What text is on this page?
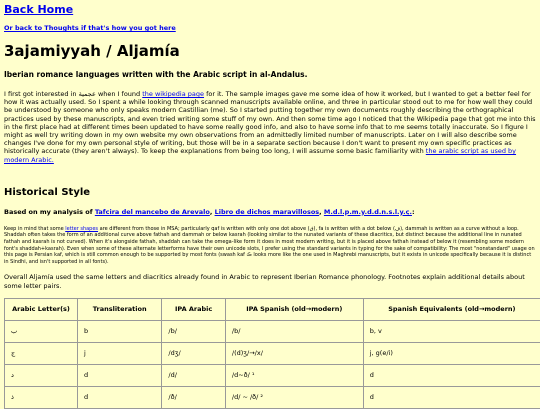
Back Home
Or back to Thoughts if that's how you got here
3ajamiyyah / Aljamía
Iberian romance languages written with the Arabic script in al-Andalus.

I first got interested in عجمية when I found the wikipedia page for it. The sample images gave me some idea of how it worked, but I wanted to get a better feel for how it was actually used. So I spent a while looking through scanned manuscripts available online, and three in particular stood out to me for how well they could be understood by someone who only speaks modern Castillian (me). So I started putting together my own documents roughly describing the orthographical practices used by these manuscripts, and even tried writing some stuff of my own. And then some time ago I noticed that the Wikipedia page that got me into this in the first place had at different times been updated to have some really good info, and also to have some info that to me seems totally inaccurate. So I figure I might as well try writing down in my own website my own observations from an admittedly limited number of manuscripts. Later on I will also describe some changes I've done for my own personal style of writing, but those will be in a separate section because I don't want to present my own specific practices as historically accurate (they aren't always). To keep the explanations from being too long, I will assume some basic familiarity with the arabic script as used by modern Arabic.

Historical Style

Based on my analysis of Tafcira del mancebo de Arevalo, Libro de dichos maravillosos, M.d.l.p.m.y.d.d.n.s.l.y.ç.:

Keep in mind that some letter shapes are different from those in MSA; particularly qaf is written with only one dot above (ڧ), fa is written with a dot below (ڢ), dammah is written as a curve without a loop. Shaddah often takes the form of an additional curve above fathah and dammah or below kasrah (looking similar to the nunated variants of these diacritics, but distinct because the additional line in nunated fathah and kasrah is not curved). When it's alongside fathah, shaddah can take the omega-like form it does in most modern writing, but it is placed above fathah instead of below it (resembling some modern font's shaddah+kasrah). Even when some of these alternate letterforms have their own unicode slots, I prefer using the standard variants in typing for the sake of compatibility: The most "nonstandard" usage on this page is Persian kaf, which is still common enough to be supported by most fonts (swash kaf ڪ looks more like the one used in Maghrebi manuscripts, but it exists in unicode specifically because it is distinct in Sindhi, and isn't supported in all fonts).

Overall Aljamía used the same letters and diacritics already found in Arabic to represent Iberian Romance phonology. Footnotes explain additional details about some letter pairs.

Arabic Letter(s)	Transliteration	IPA Arabic	IPA Spanish (old→modern)	Spanish Equivalents (old→modern)
ب	b	/b/	/b/	b, v
ج	j	/dʒ/	/(d)ʒ/→/x/	j, g(e/i)
د	d	/d/	/d~ð/ ¹	d
ذ	d	/ð/	/d/ ~ /ð/ ²	d
